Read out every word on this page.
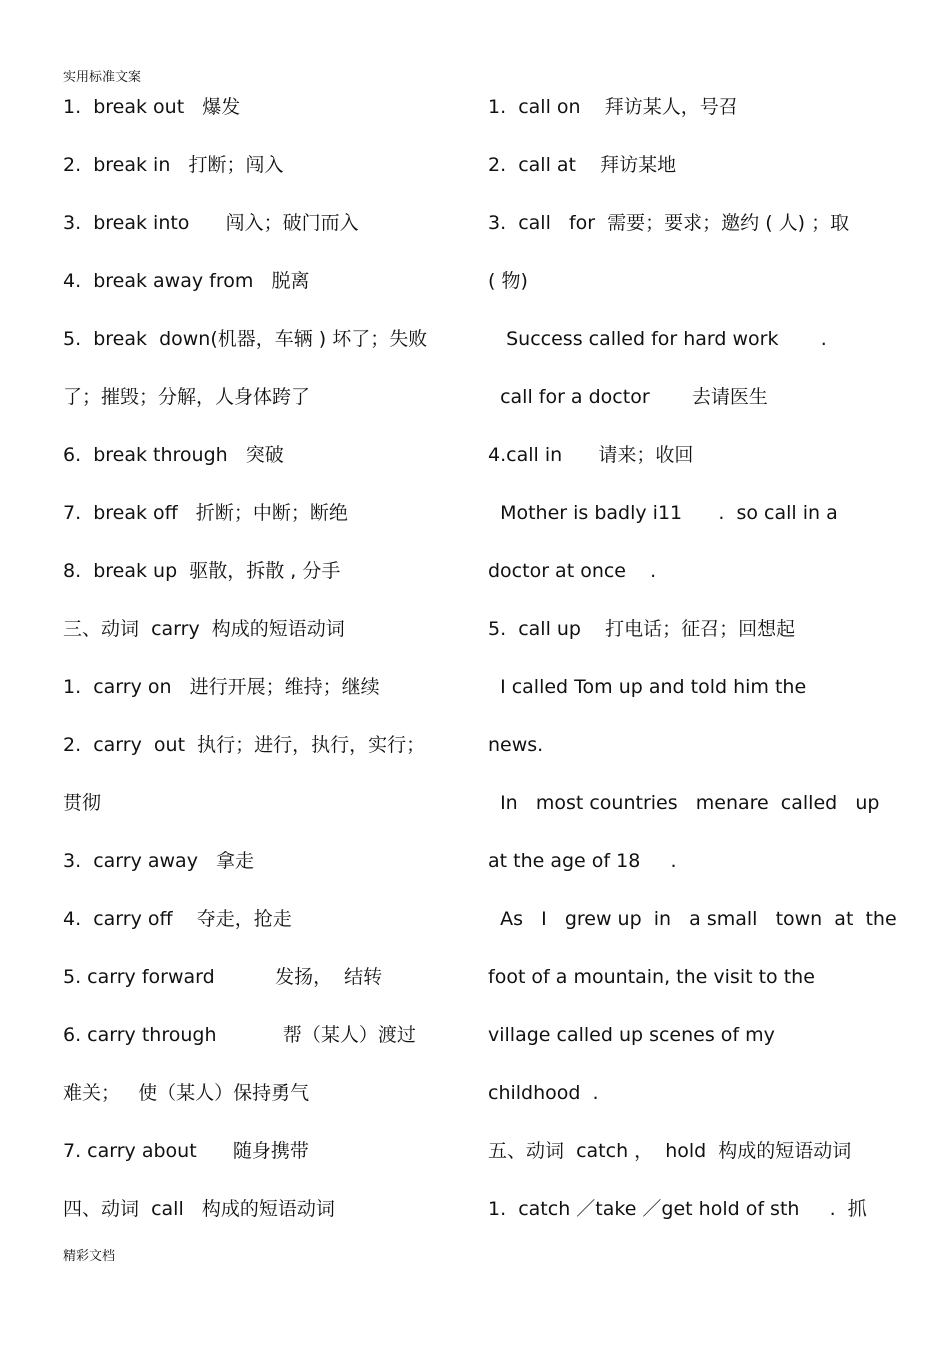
实用标准文案
1.  break out   爆发
2.  break in   打断；闯入
3.  break into      闯入；破门而入
4.  break away from   脱离
5.  break  down(机器，车辆 ) 坏了；失败
了；摧毁；分解，人身体跨了
6.  break through   突破
7.  break off   折断；中断；断绝
8.  break up  驱散，拆散 , 分手
三、动词  carry  构成的短语动词
1.  carry on   进行开展；维持；继续
2.  carry  out  执行；进行，执行，实行；
贯彻
3.  carry away   拿走
4.  carry off    夺走，抢走
5. carry forward          发扬，  结转
6. carry through           帮（某人）渡过
难关；   使（某人）保持勇气
7. carry about      随身携带
四、动词  call   构成的短语动词
1.  call on    拜访某人，号召
2.  call at    拜访某地
3.  call   for  需要；要求；邀约 ( 人) ；取
( 物)
Success called for hard work       .
call for a doctor       去请医生
4.call in      请来；收回
Mother is badly i11      .  so call in a
doctor at once    .
5.  call up    打电话；征召；回想起
I called Tom up and told him the
news.
In   most countries   menare  called   up
at the age of 18     .
As   I   grew up  in   a small   town  at  the
foot of a mountain, the visit to the
village called up scenes of my
childhood  .
五、动词  catch ，  hold  构成的短语动词
1.  catch ／take ／get hold of sth     .  抓
精彩文档
